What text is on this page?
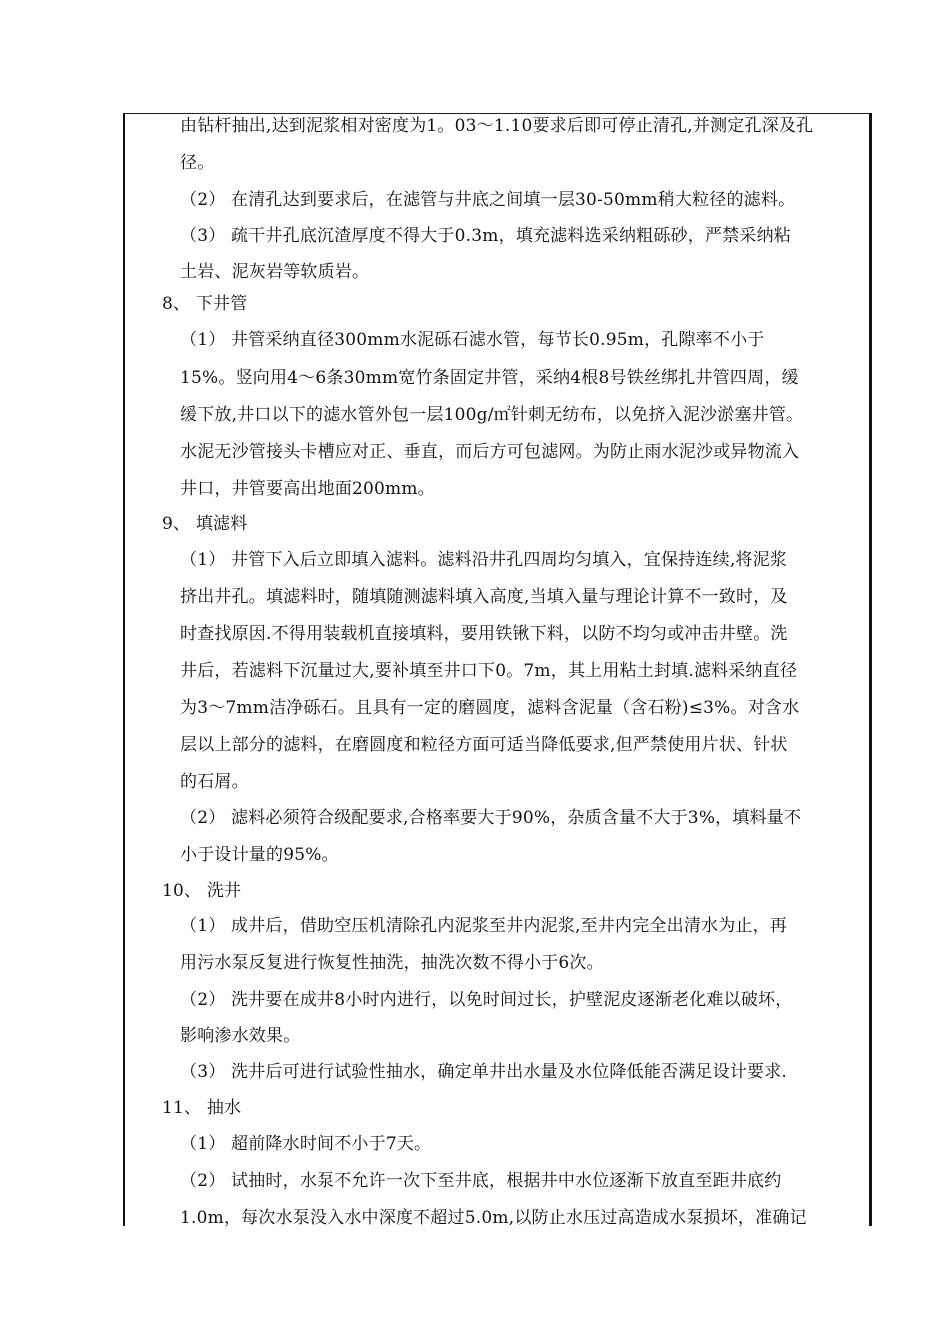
由钻杆抽出,达到泥浆相对密度为1。03～1.10要求后即可停止清孔,并测定孔深及孔
径。
（2） 在清孔达到要求后，在滤管与井底之间填一层30-50mm稍大粒径的滤料。
（3） 疏干井孔底沉渣厚度不得大于0.3m，填充滤料选采纳粗砾砂，严禁采纳粘
土岩、泥灰岩等软质岩。
8、 下井管
（1） 井管采纳直径300mm水泥砾石滤水管，每节长0.95m，孔隙率不小于
15%。竖向用4～6条30mm宽竹条固定井管，采纳4根8号铁丝绑扎井管四周，缓
缓下放,井口以下的滤水管外包一层100g/㎡针刺无纺布，以免挤入泥沙淤塞井管。
水泥无沙管接头卡槽应对正、垂直，而后方可包滤网。为防止雨水泥沙或异物流入
井口，井管要高出地面200mm。
9、 填滤料
（1） 井管下入后立即填入滤料。滤料沿井孔四周均匀填入，宜保持连续,将泥浆
挤出井孔。填滤料时，随填随测滤料填入高度,当填入量与理论计算不一致时，及
时查找原因.不得用装载机直接填料，要用铁锹下料，以防不均匀或冲击井壁。洗
井后，若滤料下沉量过大,要补填至井口下0。7m，其上用粘土封填.滤料采纳直径
为3～7mm洁净砾石。且具有一定的磨圆度，滤料含泥量（含石粉)≤3%。对含水
层以上部分的滤料，在磨圆度和粒径方面可适当降低要求,但严禁使用片状、针状
的石屑。
（2） 滤料必须符合级配要求,合格率要大于90%，杂质含量不大于3%，填料量不
小于设计量的95%。
10、 洗井
（1） 成井后，借助空压机清除孔内泥浆至井内泥浆,至井内完全出清水为止，再
用污水泵反复进行恢复性抽洗，抽洗次数不得小于6次。
（2） 洗井要在成井8小时内进行，以免时间过长，护壁泥皮逐渐老化难以破坏，
影响渗水效果。
（3） 洗井后可进行试验性抽水，确定单井出水量及水位降低能否满足设计要求.
11、 抽水
（1） 超前降水时间不小于7天。
（2） 试抽时，水泵不允许一次下至井底，根据井中水位逐渐下放直至距井底约
1.0m，每次水泵没入水中深度不超过5.0m,以防止水压过高造成水泵损坏，准确记
